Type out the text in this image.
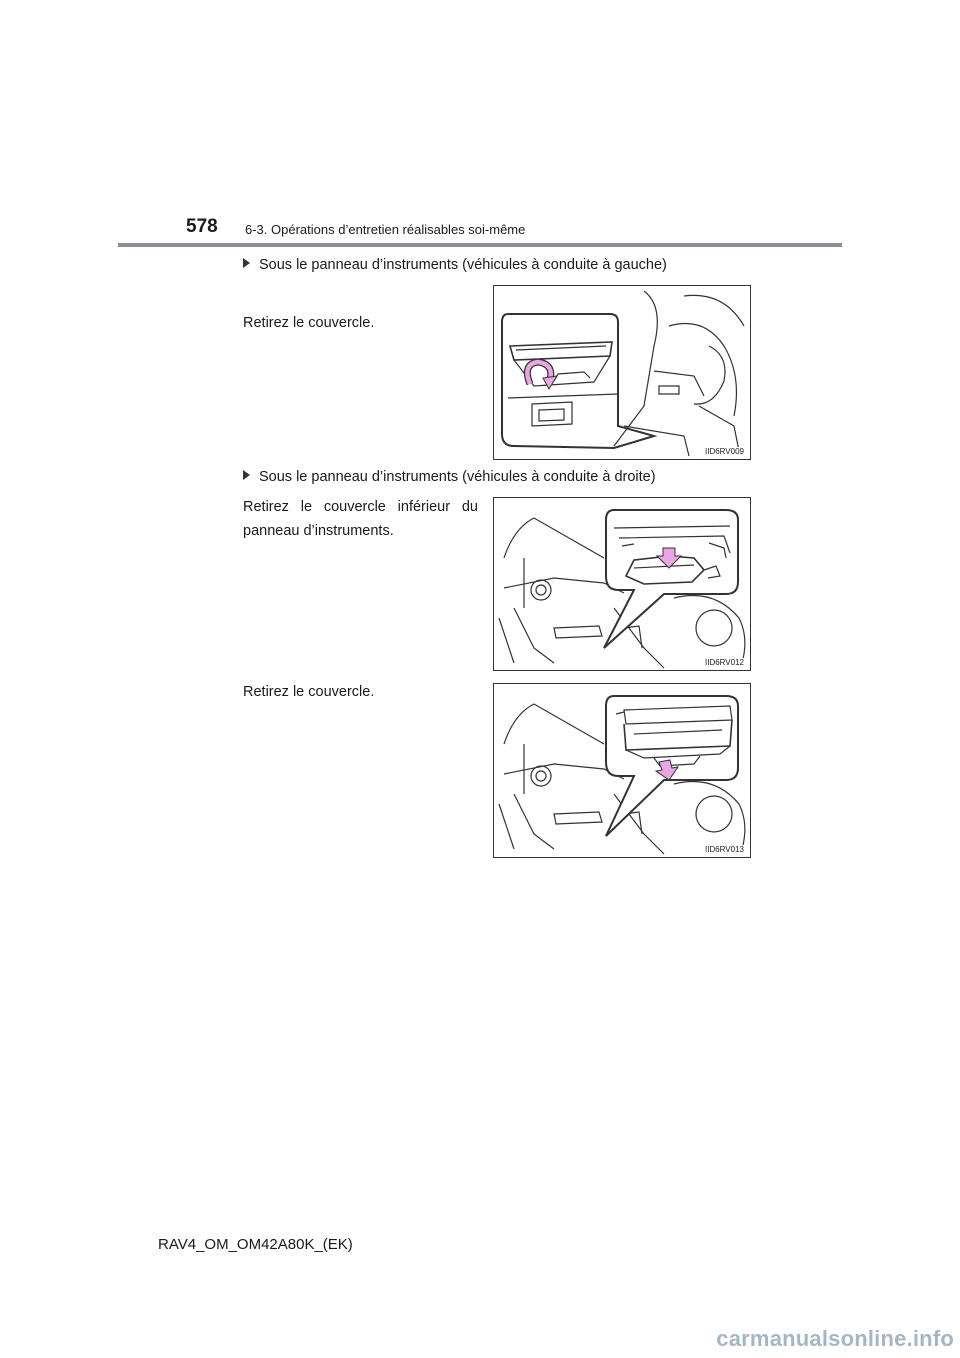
578 6-3. Opérations d’entretien réalisables soi-même
Sous le panneau d’instruments (véhicules à conduite à gauche)
Retirez le couvercle.
IID6RV009
Sous le panneau d’instruments (véhicules à conduite à droite)
Retirez le couvercle inférieur du
panneau d’instruments.
IID6RV012
Retirez le couvercle.
IID6RV013
RAV4_OM_OM42A80K_(EK)
carmanualsonline.info
